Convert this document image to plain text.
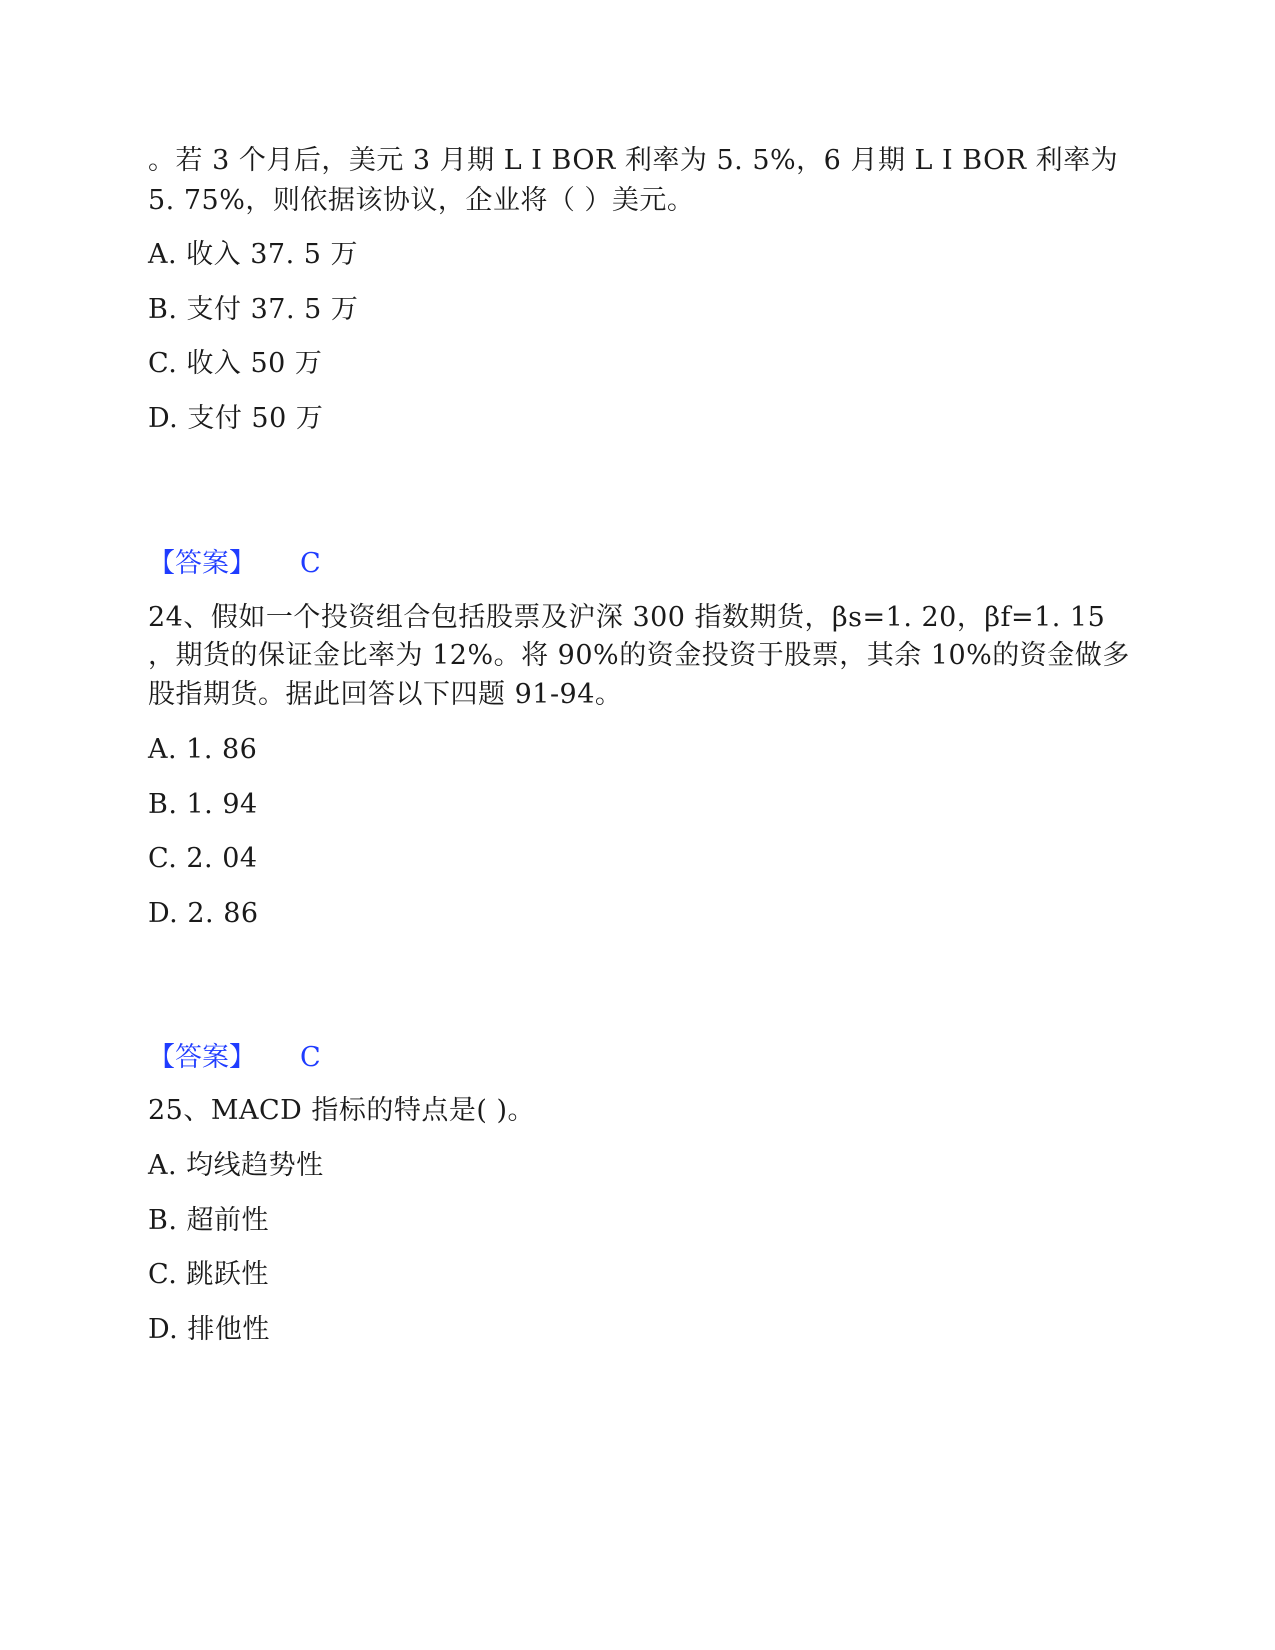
。若 3 个月后，美元 3 月期 L I BOR 利率为 5. 5%，6 月期 L I BOR 利率为
5. 75%，则依据该协议，企业将（ ）美元。
A. 收入 37. 5 万
B. 支付 37. 5 万
C. 收入 50 万
D. 支付 50 万
【答案】 C
24、假如一个投资组合包括股票及沪深 300 指数期货，βs=1. 20，βf=1. 15
，期货的保证金比率为 12%。将 90%的资金投资于股票，其余 10%的资金做多
股指期货。据此回答以下四题 91-94。
A. 1. 86
B. 1. 94
C. 2. 04
D. 2. 86
【答案】 C
25、MACD 指标的特点是( )。
A. 均线趋势性
B. 超前性
C. 跳跃性
D. 排他性
